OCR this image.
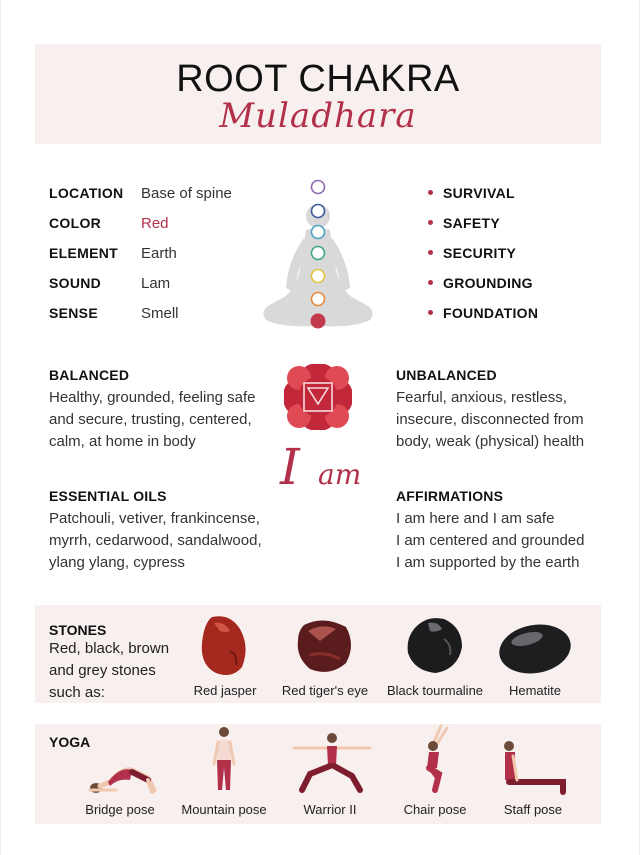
ROOT CHAKRA
Muladhara
LOCATION Base of spine
COLOR	Red
ELEMENT Earth
SOUND	Lam
SENSE	Smell
SURVIVAL
SAFETY
SECURITY
GROUNDING
FOUNDATION
BALANCED
Healthy, grounded, feeling safe
and secure, trusting, centered,
calm, at home in body
UNBALANCED
Fearful, anxious, restless,
insecure, disconnected from
body, weak (physical) health
I am
ESSENTIAL OILS
Patchouli, vetiver, frankincense,
myrrh, cedarwood, sandalwood,
ylang ylang, cypress
AFFIRMATIONS
I am here and I am safe
I am centered and grounded
I am supported by the earth
STONES
Red, black, brown
and grey stones
such as:	Red jasper	Red tiger's eye	Black tourmaline	Hematite
YOGA
Bridge pose	Mountain pose	Warrior II	Chair pose	Staff pose
